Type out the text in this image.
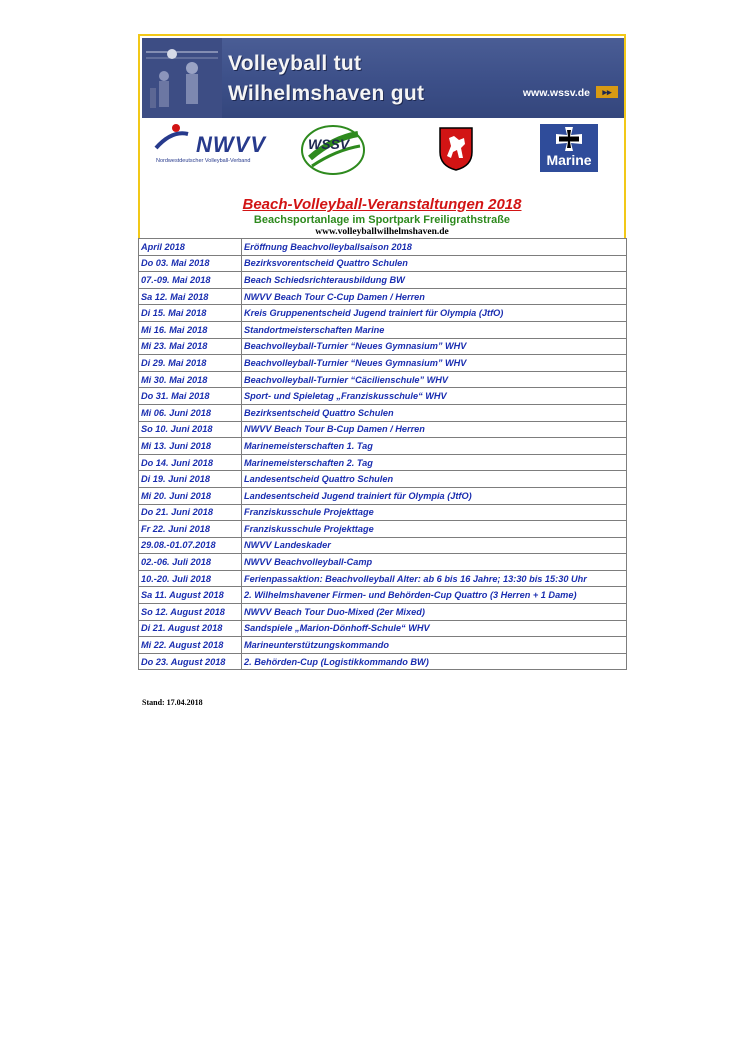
Volleyball tut
Wilhelmshaven gut	www.wssv.de	▸▸
NWVV
Nordwestdeutscher Volleyball-Verband
WSSV
Marine
Beach-Volleyball-Veranstaltungen 2018
Beachsportanlage im Sportpark Freiligrathstraße
www.volleyballwilhelmshaven.de
April 2018	Eröffnung Beachvolleyballsaison 2018
Do 03. Mai 2018	Bezirksvorentscheid Quattro Schulen
07.-09. Mai 2018	Beach Schiedsrichterausbildung BW
Sa 12. Mai 2018	NWVV Beach Tour C-Cup Damen / Herren
Di 15. Mai 2018	Kreis Gruppenentscheid Jugend trainiert für Olympia (JtfO)
Mi 16. Mai 2018	Standortmeisterschaften Marine
Mi 23. Mai 2018	Beachvolleyball-Turnier “Neues Gymnasium” WHV
Di 29. Mai 2018	Beachvolleyball-Turnier “Neues Gymnasium” WHV
Mi 30. Mai 2018	Beachvolleyball-Turnier “Cäcilienschule” WHV
Do 31. Mai 2018	Sport- und Spieletag „Franziskusschule“ WHV
Mi 06. Juni 2018	Bezirksentscheid Quattro Schulen
So 10. Juni 2018	NWVV Beach Tour B-Cup Damen / Herren
Mi 13. Juni 2018	Marinemeisterschaften 1. Tag
Do 14. Juni 2018	Marinemeisterschaften 2. Tag
Di 19. Juni 2018	Landesentscheid Quattro Schulen
Mi 20. Juni 2018	Landesentscheid Jugend trainiert für Olympia (JtfO)
Do 21. Juni 2018	Franziskusschule Projekttage
Fr 22. Juni 2018	Franziskusschule Projekttage
29.08.-01.07.2018	NWVV Landeskader
02.-06. Juli 2018	NWVV Beachvolleyball-Camp
10.-20. Juli 2018	Ferienpassaktion: Beachvolleyball Alter: ab 6 bis 16 Jahre; 13:30 bis 15:30 Uhr
Sa 11. August 2018	2. Wilhelmshavener Firmen- und Behörden-Cup Quattro (3 Herren + 1 Dame)
So 12. August 2018	NWVV Beach Tour Duo-Mixed (2er Mixed)
Di 21. August 2018	Sandspiele „Marion-Dönhoff-Schule“ WHV
Mi 22. August 2018	Marineunterstützungskommando
Do 23. August 2018	2. Behörden-Cup (Logistikkommando BW)
Stand: 17.04.2018
